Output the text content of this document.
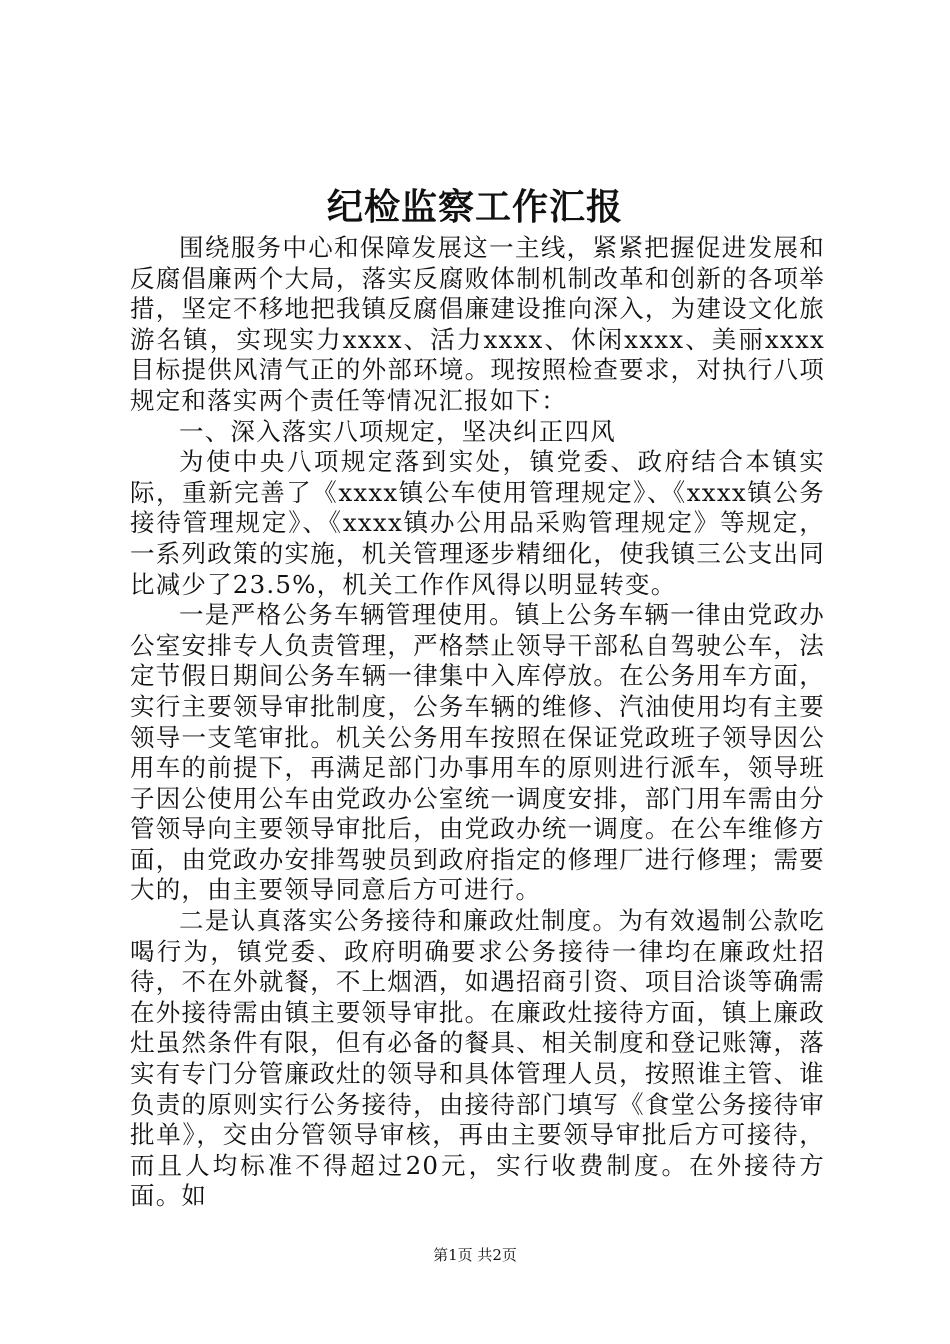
纪检监察工作汇报

围绕服务中心和保障发展这一主线，紧紧把握促进发展和反腐倡廉两个大局，落实反腐败体制机制改革和创新的各项举措，坚定不移地把我镇反腐倡廉建设推向深入，为建设文化旅游名镇，实现实力xxxx、活力xxxx、休闲xxxx、美丽xxxx目标提供风清气正的外部环境。现按照检查要求，对执行八项规定和落实两个责任等情况汇报如下：

一、深入落实八项规定，坚决纠正四风

为使中央八项规定落到实处，镇党委、政府结合本镇实际，重新完善了《xxxx镇公车使用管理规定》、《xxxx镇公务接待管理规定》、《xxxx镇办公用品采购管理规定》等规定，一系列政策的实施，机关管理逐步精细化，使我镇三公支出同比减少了23.5%，机关工作作风得以明显转变。

一是严格公务车辆管理使用。镇上公务车辆一律由党政办公室安排专人负责管理，严格禁止领导干部私自驾驶公车，法定节假日期间公务车辆一律集中入库停放。在公务用车方面，实行主要领导审批制度，公务车辆的维修、汽油使用均有主要领导一支笔审批。机关公务用车按照在保证党政班子领导因公用车的前提下，再满足部门办事用车的原则进行派车，领导班子因公使用公车由党政办公室统一调度安排，部门用车需由分管领导向主要领导审批后，由党政办统一调度。在公车维修方面，由党政办安排驾驶员到政府指定的修理厂进行修理；需要大的，由主要领导同意后方可进行。

二是认真落实公务接待和廉政灶制度。为有效遏制公款吃喝行为，镇党委、政府明确要求公务接待一律均在廉政灶招待，不在外就餐，不上烟酒，如遇招商引资、项目洽谈等确需在外接待需由镇主要领导审批。在廉政灶接待方面，镇上廉政灶虽然条件有限，但有必备的餐具、相关制度和登记账簿，落实有专门分管廉政灶的领导和具体管理人员，按照谁主管、谁负责的原则实行公务接待，由接待部门填写《食堂公务接待审批单》，交由分管领导审核，再由主要领导审批后方可接待，而且人均标准不得超过20元，实行收费制度。在外接待方面。如

第1页 共2页
